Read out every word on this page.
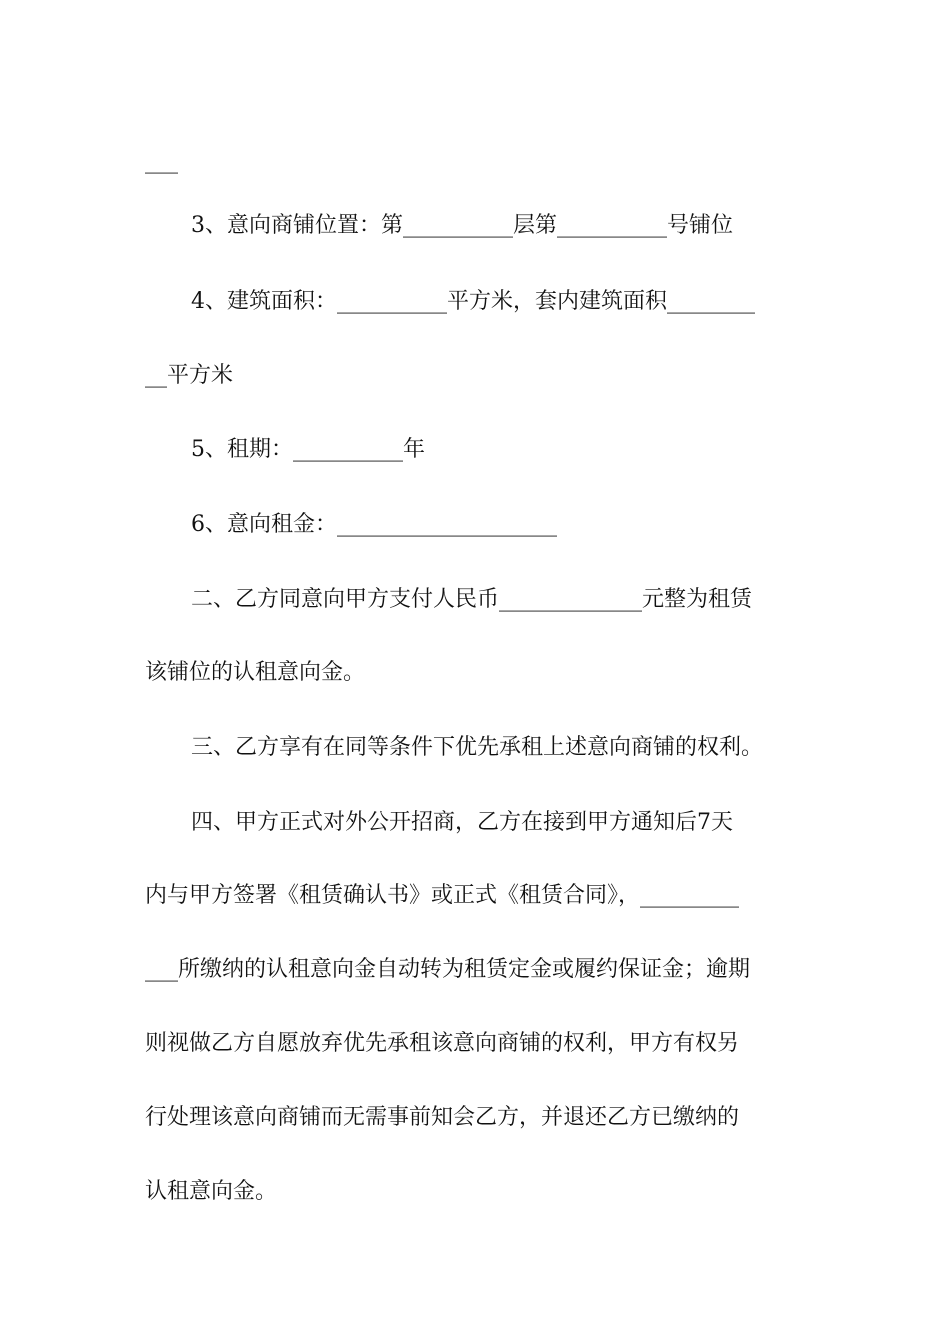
___
3、意向商铺位置：第__________层第__________号铺位
4、建筑面积：__________平方米，套内建筑面积________
__平方米
5、租期：__________年
6、意向租金：____________________
二、乙方同意向甲方支付人民币_____________元整为租赁
该铺位的认租意向金。
三、乙方享有在同等条件下优先承租上述意向商铺的权利。
四、甲方正式对外公开招商，乙方在接到甲方通知后7天
内与甲方签署《租赁确认书》或正式《租赁合同》，_________
___所缴纳的认租意向金自动转为租赁定金或履约保证金；逾期
则视做乙方自愿放弃优先承租该意向商铺的权利，甲方有权另
行处理该意向商铺而无需事前知会乙方，并退还乙方已缴纳的
认租意向金。
